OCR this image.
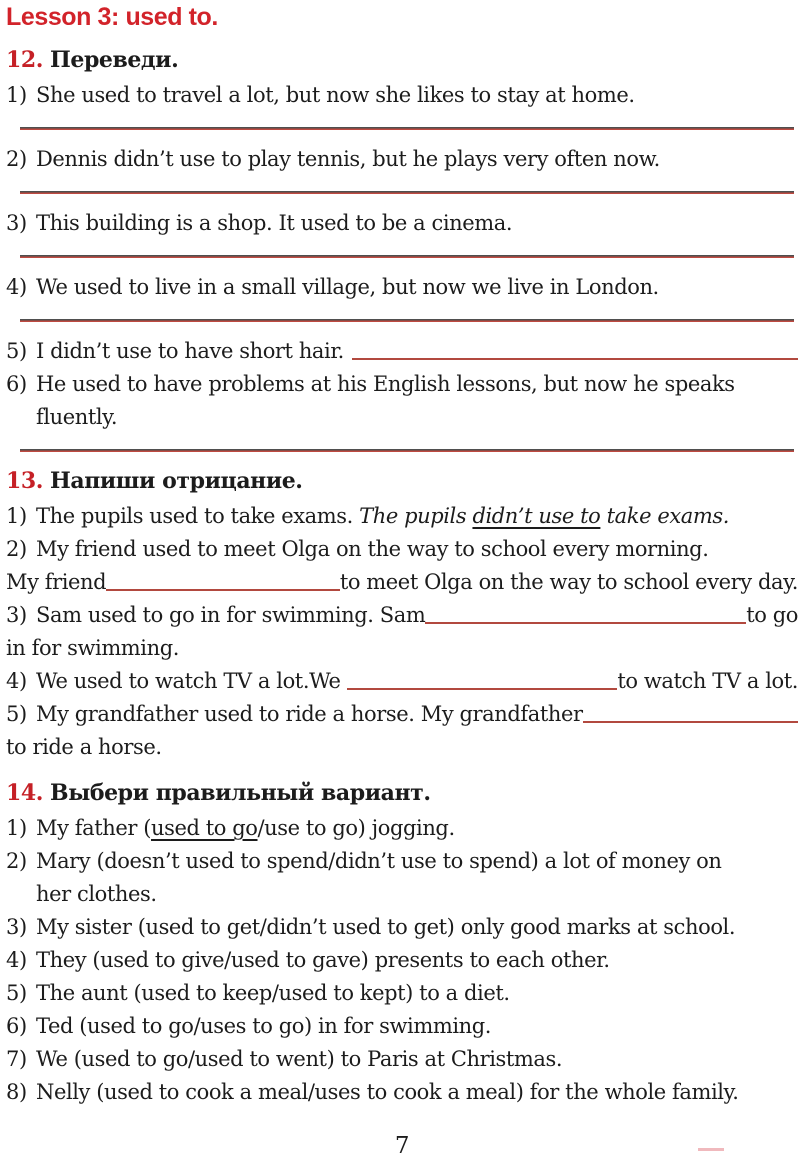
Lesson 3: used to.
12. Переведи.
1) She used to travel a lot, but now she likes to stay at home.
2) Dennis didn’t use to play tennis, but he plays very often now.
3) This building is a shop. It used to be a cinema.
4) We used to live in a small village, but now we live in London.
5) I didn’t use to have short hair.
6) He used to have problems at his English lessons, but now he speaks
fluently.
13. Напиши отрицание.
1) The pupils used to take exams. The pupils didn’t use to take exams.
2) My friend used to meet Olga on the way to school every morning.
My friend	to meet Olga on the way to school every day.
3) Sam used to go in for swimming. Sam	to go
in for swimming.
4) We used to watch TV a lot.We	to watch TV a lot.
5) My grandfather used to ride a horse. My grandfather
to ride a horse.
14. Выбери правильный вариант.
1) My father (used to go/use to go) jogging.
2) Mary (doesn’t used to spend/didn’t use to spend) a lot of money on
her clothes.
3) My sister (used to get/didn’t used to get) only good marks at school.
4) They (used to give/used to gave) presents to each other.
5) The aunt (used to keep/used to kept) to a diet.
6) Ted (used to go/uses to go) in for swimming.
7) We (used to go/used to went) to Paris at Christmas.
8) Nelly (used to cook a meal/uses to cook a meal) for the whole family.
7
